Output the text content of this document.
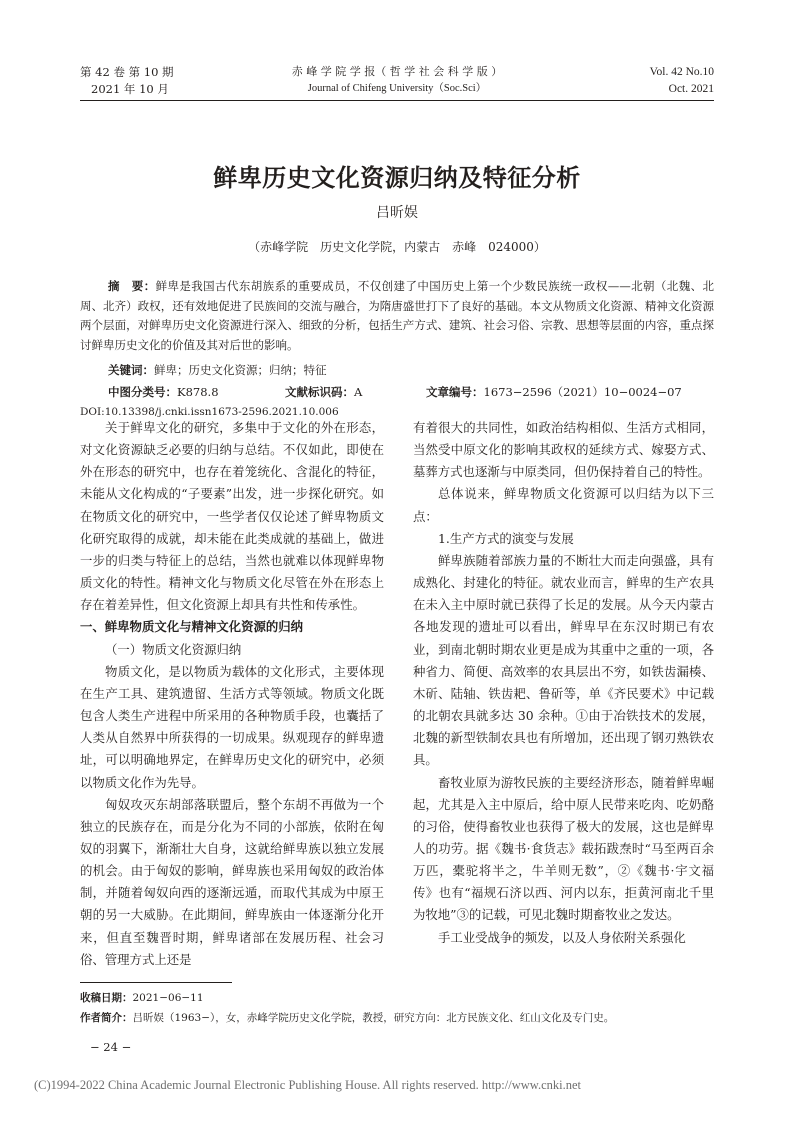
第 42 卷 第 10 期
2021 年 10 月
赤 峰 学 院 学 报（ 哲 学 社 会 科 学 版 ）
Journal of Chifeng University（Soc.Sci）
Vol. 42 No.10
Oct. 2021
鲜卑历史文化资源归纳及特征分析
吕昕娱
（赤峰学院　历史文化学院，内蒙古　赤峰　024000）
摘　要：鲜卑是我国古代东胡族系的重要成员，不仅创建了中国历史上第一个少数民族统一政权——北朝（北魏、北周、北齐）政权，还有效地促进了民族间的交流与融合，为隋唐盛世打下了良好的基础。本文从物质文化资源、精神文化资源两个层面，对鲜卑历史文化资源进行深入、细致的分析，包括生产方式、建筑、社会习俗、宗教、思想等层面的内容，重点探讨鲜卑历史文化的价值及其对后世的影响。
关键词：鲜卑；历史文化资源；归纳；特征
中图分类号：K878.8	文献标识码：A	文章编号：1673−2596（2021）10−0024−07
DOI:10.13398/j.cnki.issn1673-2596.2021.10.006

关于鲜卑文化的研究，多集中于文化的外在形态，对文化资源缺乏必要的归纳与总结。不仅如此，即使在外在形态的研究中，也存在着笼统化、含混化的特征，未能从文化构成的“子要素”出发，进一步探化研究。如在物质文化的研究中，一些学者仅仅论述了鲜卑物质文化研究取得的成就，却未能在此类成就的基础上，做进一步的归类与特征上的总结，当然也就难以体现鲜卑物质文化的特性。精神文化与物质文化尽管在外在形态上存在着差异性，但文化资源上却具有共性和传承性。

一、鲜卑物质文化与精神文化资源的归纳

（一）物质文化资源归纳

物质文化，是以物质为载体的文化形式，主要体现在生产工具、建筑遗留、生活方式等领域。物质文化既包含人类生产进程中所采用的各种物质手段，也囊括了人类从自然界中所获得的一切成果。纵观现存的鲜卑遗址，可以明确地界定，在鲜卑历史文化的研究中，必须以物质文化作为先导。

匈奴攻灭东胡部落联盟后，整个东胡不再做为一个独立的民族存在，而是分化为不同的小部族，依附在匈奴的羽翼下，渐渐壮大自身，这就给鲜卑族以独立发展的机会。由于匈奴的影响，鲜卑族也采用匈奴的政治体制，并随着匈奴向西的逐渐远遁，而取代其成为中原王朝的另一大威胁。在此期间，鲜卑族由一体逐渐分化开来，但直至魏晋时期，鲜卑诸部在发展历程、社会习俗、管理方式上还是

有着很大的共同性，如政治结构相似、生活方式相同，当然受中原文化的影响其政权的延续方式、嫁娶方式、墓葬方式也逐渐与中原类同，但仍保持着自己的特性。

总体说来，鲜卑物质文化资源可以归结为以下三点：

1.生产方式的演变与发展

鲜卑族随着部族力量的不断壮大而走向强盛，具有成熟化、封建化的特征。就农业而言，鲜卑的生产农具在未入主中原时就已获得了长足的发展。从今天内蒙古各地发现的遗址可以看出，鲜卑早在东汉时期已有农业，到南北朝时期农业更是成为其重中之重的一项，各种省力、简便、高效率的农具层出不穷，如铁齿漏楱、木斫、陆轴、铁齿耙、鲁斫等，单《齐民要术》中记载的北朝农具就多达 30 余种。①由于冶铁技术的发展，北魏的新型铁制农具也有所增加，还出现了钢刃熟铁农具。

畜牧业原为游牧民族的主要经济形态，随着鲜卑崛起，尤其是入主中原后，给中原人民带来吃肉、吃奶酪的习俗，使得畜牧业也获得了极大的发展，这也是鲜卑人的功劳。据《魏书·食货志》载拓跋焘时“马至两百余万匹，橐驼将半之，牛羊则无数”，②《魏书·宇文福传》也有“福规石济以西、河内以东，拒黄河南北千里为牧地”③的记载，可见北魏时期畜牧业之发达。

手工业受战争的频发，以及人身依附关系强化

收稿日期：2021−06−11
作者简介：吕昕娱（1963−），女，赤峰学院历史文化学院，教授，研究方向：北方民族文化、红山文化及专门史。
− 24 −
(C)1994-2022 China Academic Journal Electronic Publishing House. All rights reserved. http://www.cnki.net
